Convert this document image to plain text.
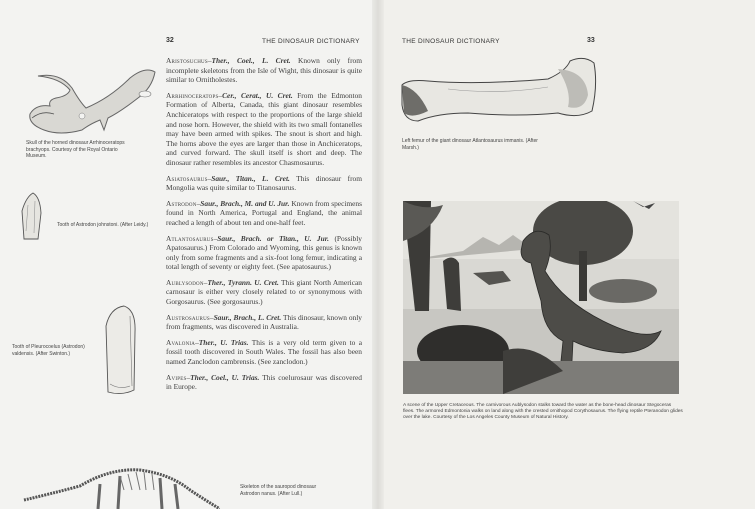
32	THE DINOSAUR DICTIONARY
Skull of the horned dinosaur Arrhinoceratops brachyops. Courtesy of the Royal Ontario Museum.
Tooth of Astrodon johnstoni. (After Leidy.)
Tooth of Pleurocoelus (Astrodon) valdensis. (After Swinton.)

Aristosuchus–Ther., Coel., L. Cret. Known only from incomplete skeletons from the Isle of Wight, this dinosaur is quite similar to Ornitholestes.

Arrhinoceratops–Cer., Cerat., U. Cret. From the Edmonton Formation of Alberta, Canada, this giant dinosaur resembles Anchiceratops with respect to the proportions of the large shield and nose horn. However, the shield with its two small fontanelles may have been armed with spikes. The snout is short and high. The horns above the eyes are larger than those in Anchiceratops, and curved forward. The skull itself is short and deep. The dinosaur rather resembles its ancestor Chasmosaurus.

Asiatosaurus–Saur., Titan., L. Cret. This dinosaur from Mongolia was quite similar to Titanosaurus.

Astrodon–Saur., Brach., M. and U. Jur. Known from specimens found in North America, Portugal and England, the animal reached a length of about ten and one-half feet.

Atlantosaurus–Saur., Brach. or Titan., U. Jur. (Possibly Apatosaurus.) From Colorado and Wyoming, this genus is known only from some fragments and a six-foot long femur, indicating a total length of seventy or eighty feet. (See apatosaurus.)

Aublysodon–Ther., Tyrann. U. Cret. This giant North American carnosaur is either very closely related to or synonymous with Gorgosaurus. (See gorgosaurus.)

Austrosaurus–Saur., Brach., L. Cret. This dinosaur, known only from fragments, was discovered in Australia.

Avalonia–Ther., U. Trias. This is a very old term given to a fossil tooth discovered in South Wales. The fossil has also been named Zanclodon cambrensis. (See zanclodon.)

Avipes–Ther., Coel., U. Trias. This coelurosaur was discovered in Europe.

Skeleton of the sauropod dinosaur Astrodon nanus. (After Lull.)
THE DINOSAUR DICTIONARY	33
Left femur of the giant dinosaur Atlantosaurus immanis. (After Marsh.)
A scene of the Upper Cretaceous. The carnivorous Aublysodon stalks toward the water as the bone-head dinosaur Stegoceras flees. The armored Edmontonia walks on land along with the crested ornithopod Corythosaurus. The flying reptile Pteranodon glides over the lake. Courtesy of the Los Angeles County Museum of Natural History.
